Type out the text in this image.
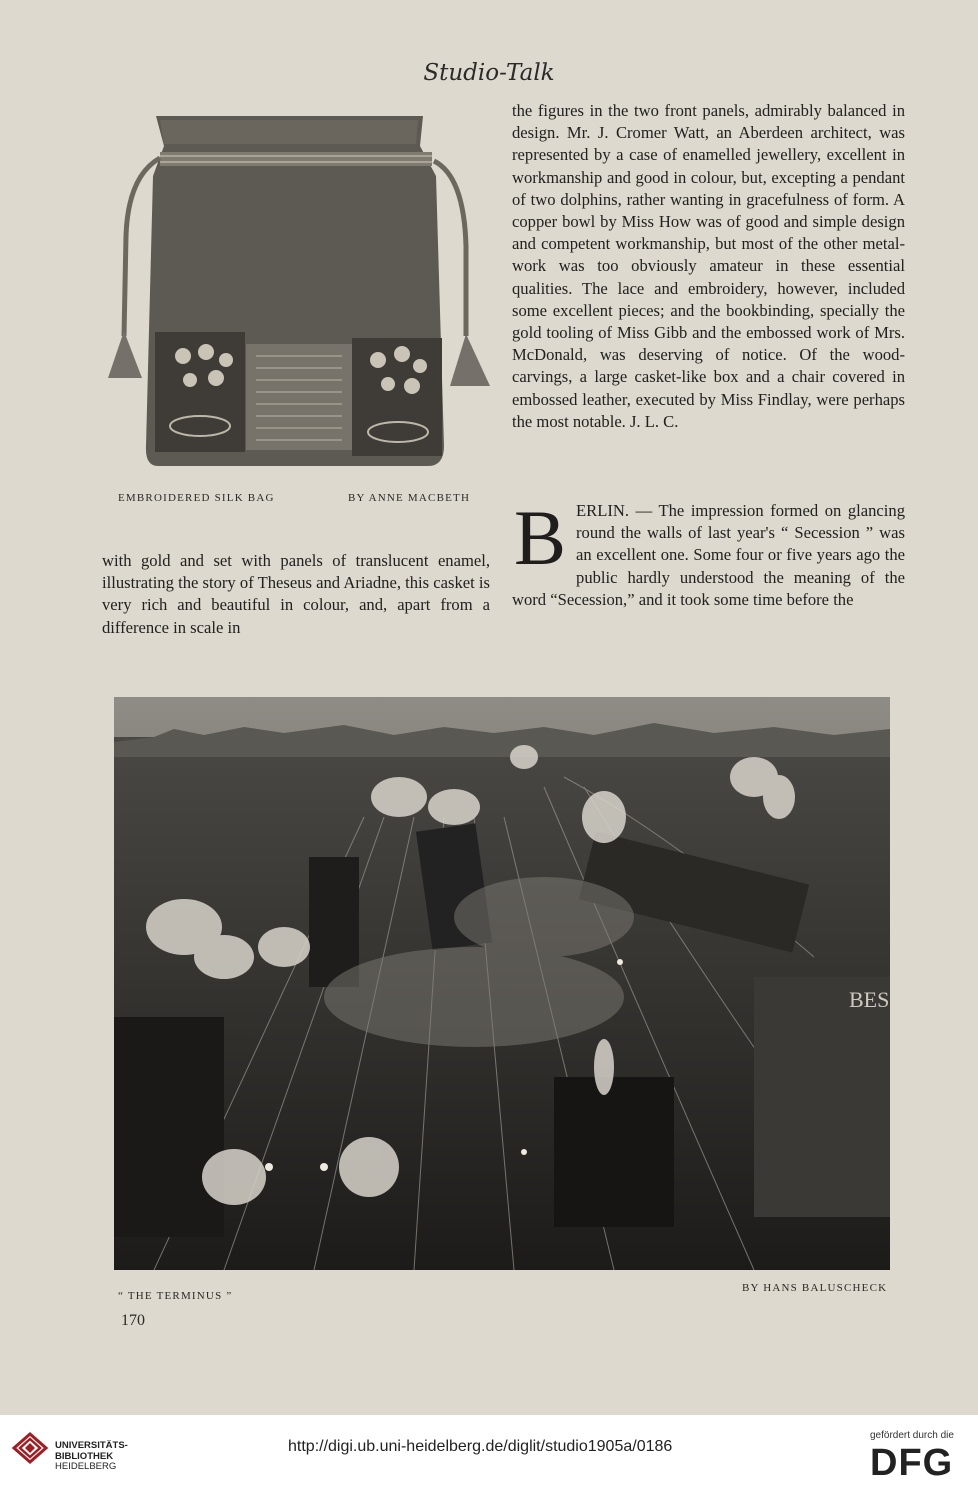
Studio-Talk
EMBROIDERED SILK BAG	BY ANNE MACBETH

the figures in the two front panels, admirably balanced in design. Mr. J. Cromer Watt, an Aberdeen architect, was represented by a case of enamelled jewellery, excellent in workmanship and good in colour, but, excepting a pendant of two dolphins, rather wanting in gracefulness of form. A copper bowl by Miss How was of good and simple design and competent workmanship, but most of the other metal-work was too obviously amateur in these essential qualities. The lace and embroidery, however, included some excellent pieces; and the bookbinding, specially the gold tooling of Miss Gibb and the embossed work of Mrs. McDonald, was deserving of notice. Of the wood-carvings, a large casket-like box and a chair covered in embossed leather, executed by Miss Findlay, were perhaps the most notable. J. L. C.

B ERLIN. — The impression formed on glancing round the walls of last year's “ Secession ” was an excellent one. Some four or five years ago the public hardly understood the meaning of the word “Secession,” and it took some time before the

with gold and set with panels of translucent enamel, illustrating the story of Theseus and Ariadne, this casket is very rich and beautiful in colour, and, apart from a difference in scale in

BES
“ THE TERMINUS ”
BY HANS BALUSCHECK
170
http://digi.ub.uni-heidelberg.de/diglit/studio1905a/0186
gefördert durch die
DFG
UNIVERSITÄTS-
BIBLIOTHEK
HEIDELBERG
